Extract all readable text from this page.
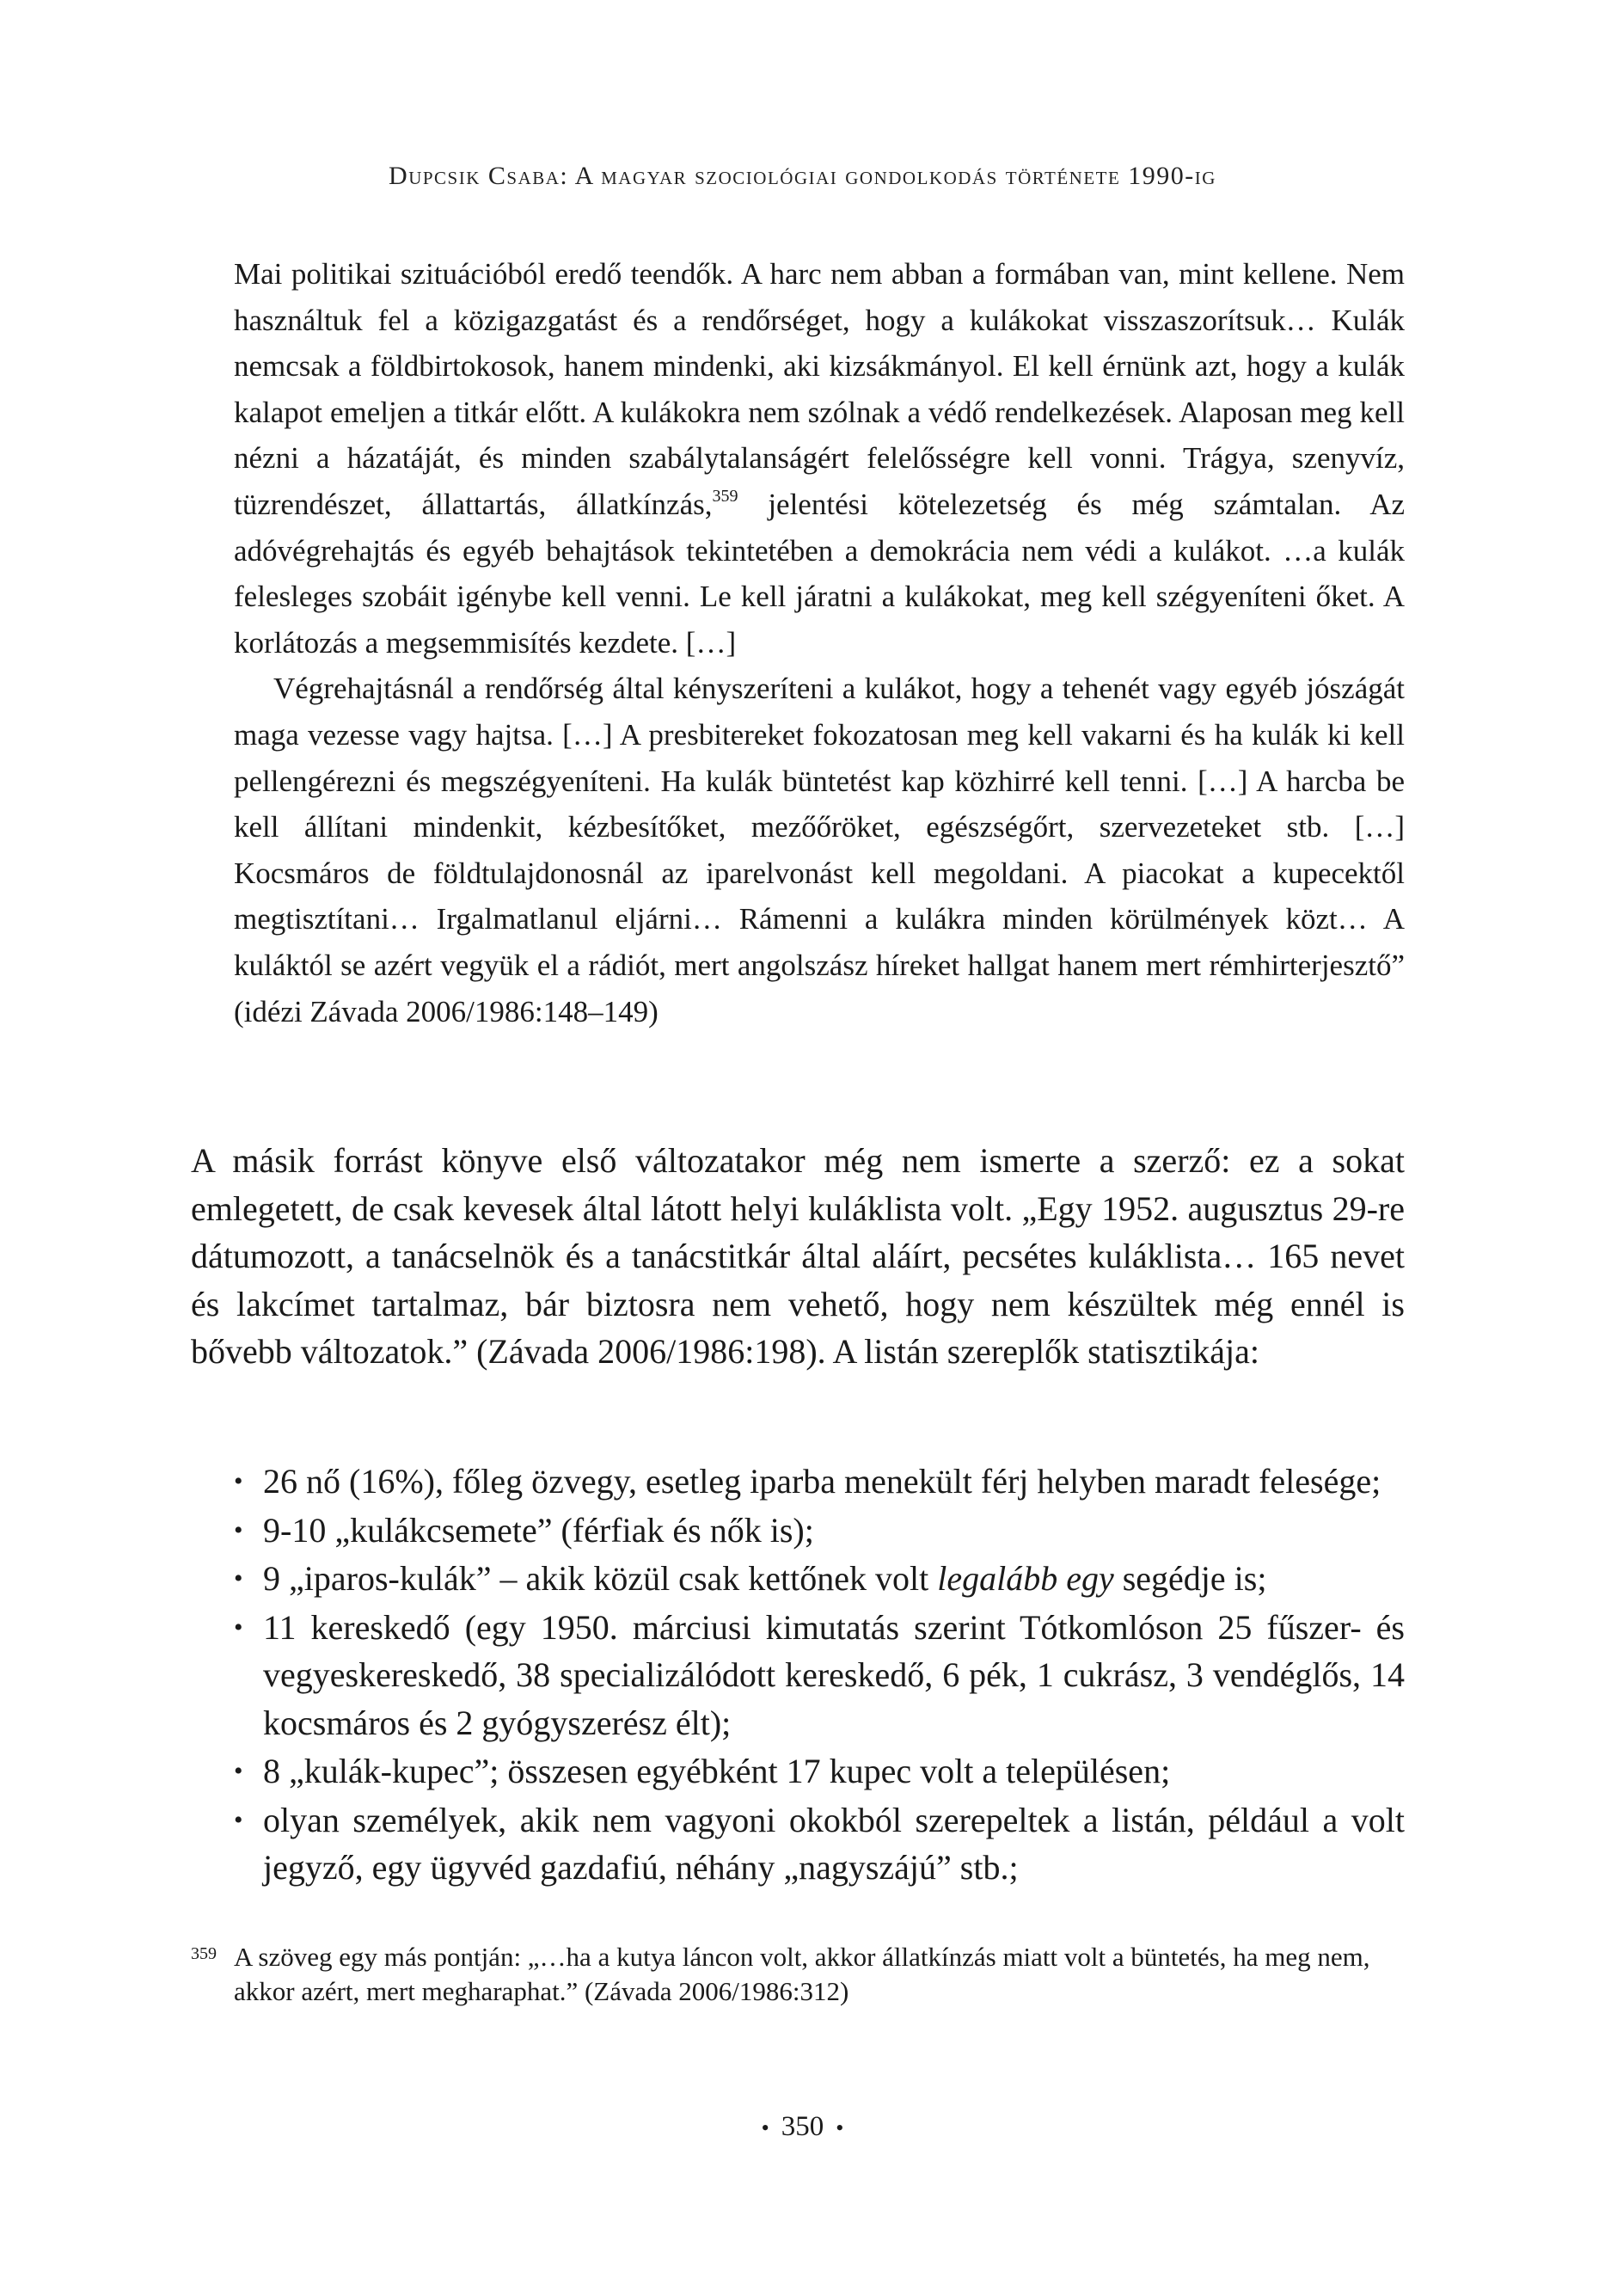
Dupcsik Csaba: A magyar szociológiai gondolkodás története 1990-ig

Mai politikai szituációból eredő teendők. A harc nem abban a formában van, mint kellene. Nem használtuk fel a közigazgatást és a rendőrséget, hogy a kulákokat visszaszorítsuk… Kulák nemcsak a földbirtokosok, hanem mindenki, aki kizsákmányol. El kell érnünk azt, hogy a kulák kalapot emeljen a titkár előtt. A kulákokra nem szólnak a védő rendelkezések. Alaposan meg kell nézni a házatáját, és minden szabálytalanságért felelősségre kell vonni. Trágya, szenyvíz, tüzrendészet, állattartás, állatkínzás,$^{359}$ jelentési kötelezetség és még számtalan. Az adóvégrehajtás és egyéb behajtások tekintetében a demokrácia nem védi a kulákot. …a kulák felesleges szobáit igénybe kell venni. Le kell járatni a kulákokat, meg kell szégyeníteni őket. A korlátozás a megsemmisítés kezdete. […]

Végrehajtásnál a rendőrség által kényszeríteni a kulákot, hogy a tehenét vagy egyéb jószágát maga vezesse vagy hajtsa. […] A presbitereket fokozatosan meg kell vakarni és ha kulák ki kell pellengérezni és megszégyeníteni. Ha kulák büntetést kap közhirré kell tenni. […] A harcba be kell állítani mindenkit, kézbesítőket, mezőőröket, egészségőrt, szervezeteket stb. […] Kocsmáros de földtulajdonosnál az iparelvonást kell megoldani. A piacokat a kupecektől megtisztítani… Irgalmatlanul eljárni… Rámenni a kulákra minden körülmények közt… A kuláktól se azért vegyük el a rádiót, mert angolszász híreket hallgat hanem mert rémhirterjesztő” (idézi Závada 2006/1986:148–149)

A másik forrást könyve első változatakor még nem ismerte a szerző: ez a sokat emlegetett, de csak kevesek által látott helyi kuláklista volt. „Egy 1952. augusztus 29-re dátumozott, a tanácselnök és a tanácstitkár által aláírt, pecsétes kuláklista… 165 nevet és lakcímet tartalmaz, bár biztosra nem vehető, hogy nem készültek még ennél is bővebb változatok.” (Závada 2006/1986:198). A listán szereplők statisztikája:

• 26 nő (16%), főleg özvegy, esetleg iparba menekült férj helyben maradt felesége;
• 9-10 „kulákcsemete” (férfiak és nők is);
• 9 „iparos-kulák” – akik közül csak kettőnek volt legalább egy segédje is;
• 11 kereskedő (egy 1950. márciusi kimutatás szerint Tótkomlóson 25 fűszer- és vegyeskereskedő, 38 specializálódott kereskedő, 6 pék, 1 cukrász, 3 vendéglős, 14 kocsmáros és 2 gyógyszerész élt);
• 8 „kulák-kupec”; összesen egyébként 17 kupec volt a településen;
• olyan személyek, akik nem vagyoni okokból szerepeltek a listán, például a volt jegyző, egy ügyvéd gazdafiú, néhány „nagyszájú” stb.;
359 A szöveg egy más pontján: „…ha a kutya láncon volt, akkor állatkínzás miatt volt a büntetés, ha meg nem, akkor azért, mert megharaphat.” (Závada 2006/1986:312)
• 350 •
